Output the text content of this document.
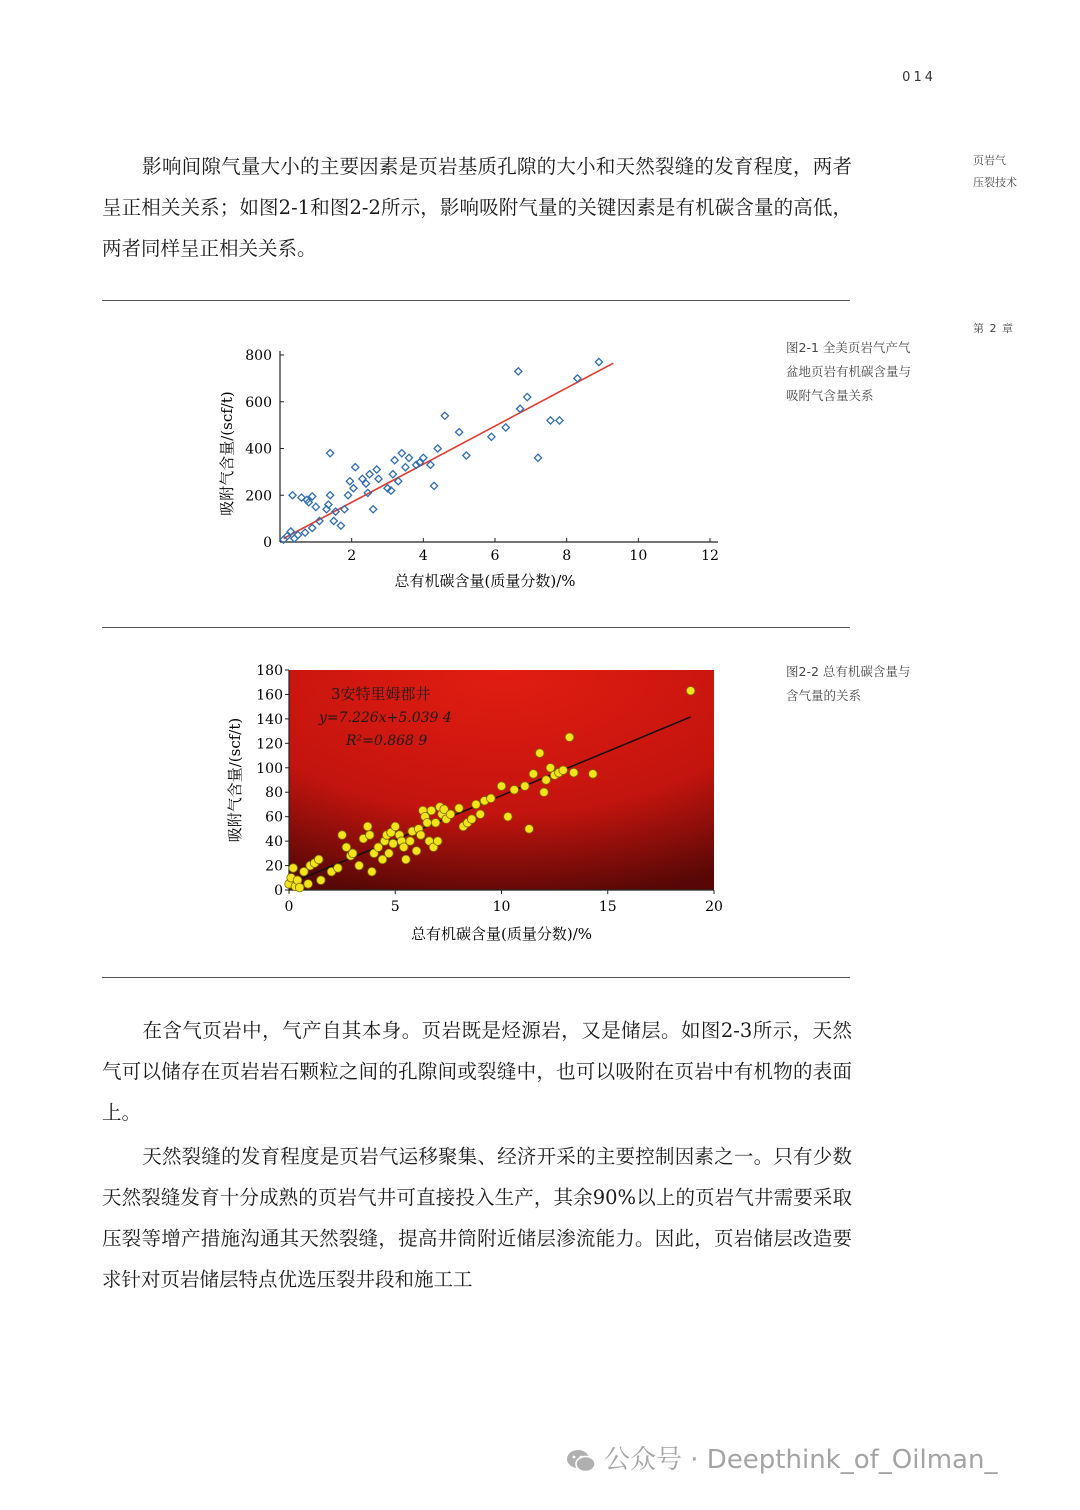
014
页岩气
压裂技术
第 2 章

影响间隙气量大小的主要因素是页岩基质孔隙的大小和天然裂缝的发育程度，两者呈正相关关系；如图2-1和图2-2所示，影响吸附气量的关键因素是有机碳含量的高低，两者同样呈正相关关系。

2	4	6	8	10	12
0
200
400
600
800
总有机碳含量(质量分数)/%
吸附气含量/(scf/t)
图2-1 全美页岩气产气
盆地页岩有机碳含量与
吸附气含量关系
0	5	10	15	20
0
20
40
60
80
100
120
140
160
180
总有机碳含量(质量分数)/%
吸附气含量/(scf/t)
3安特里姆郡井
y=7.226x+5.039 4
R²=0.868 9
图2-2 总有机碳含量与
含气量的关系

在含气页岩中，气产自其本身。页岩既是烃源岩，又是储层。如图2-3所示，天然气可以储存在页岩岩石颗粒之间的孔隙间或裂缝中，也可以吸附在页岩中有机物的表面上。

天然裂缝的发育程度是页岩气运移聚集、经济开采的主要控制因素之一。只有少数天然裂缝发育十分成熟的页岩气井可直接投入生产，其余90%以上的页岩气井需要采取压裂等增产措施沟通其天然裂缝，提高井筒附近储层渗流能力。因此，页岩储层改造要求针对页岩储层特点优选压裂井段和施工工

公众号 · Deepthink_of_Oilman_
